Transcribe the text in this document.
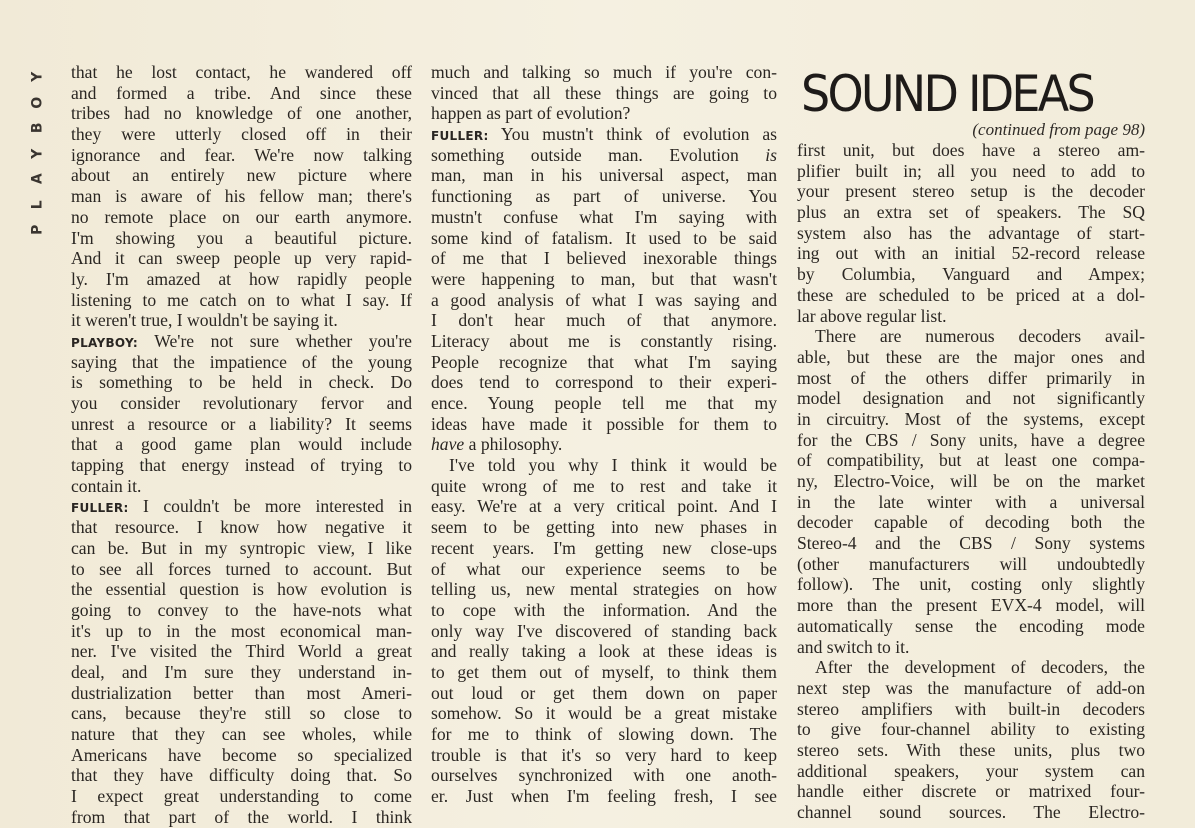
Y
O
B
Y
A
L
P
that he lost contact, he wandered off
and formed a tribe. And since these
tribes had no knowledge of one another,
they were utterly closed off in their
ignorance and fear. We're now talking
about an entirely new picture where
man is aware of his fellow man; there's
no remote place on our earth anymore.
I'm showing you a beautiful picture.
And it can sweep people up very rapid-
ly. I'm amazed at how rapidly people
listening to me catch on to what I say. If
it weren't true, I wouldn't be saying it.
PLAYBOY: We're not sure whether you're
saying that the impatience of the young
is something to be held in check. Do
you consider revolutionary fervor and
unrest a resource or a liability? It seems
that a good game plan would include
tapping that energy instead of trying to
contain it.
FULLER: I couldn't be more interested in
that resource. I know how negative it
can be. But in my syntropic view, I like
to see all forces turned to account. But
the essential question is how evolution is
going to convey to the have-nots what
it's up to in the most economical man-
ner. I've visited the Third World a great
deal, and I'm sure they understand in-
dustrialization better than most Ameri-
cans, because they're still so close to
nature that they can see wholes, while
Americans have become so specialized
that they have difficulty doing that. So
I expect great understanding to come
from that part of the world. I think
much and talking so much if you're con-
vinced that all these things are going to
happen as part of evolution?
FULLER: You mustn't think of evolution as
something outside man. Evolution is
man, man in his universal aspect, man
functioning as part of universe. You
mustn't confuse what I'm saying with
some kind of fatalism. It used to be said
of me that I believed inexorable things
were happening to man, but that wasn't
a good analysis of what I was saying and
I don't hear much of that anymore.
Literacy about me is constantly rising.
People recognize that what I'm saying
does tend to correspond to their experi-
ence. Young people tell me that my
ideas have made it possible for them to
have a philosophy.
I've told you why I think it would be
quite wrong of me to rest and take it
easy. We're at a very critical point. And I
seem to be getting into new phases in
recent years. I'm getting new close-ups
of what our experience seems to be
telling us, new mental strategies on how
to cope with the information. And the
only way I've discovered of standing back
and really taking a look at these ideas is
to get them out of myself, to think them
out loud or get them down on paper
somehow. So it would be a great mistake
for me to think of slowing down. The
trouble is that it's so very hard to keep
ourselves synchronized with one anoth-
er. Just when I'm feeling fresh, I see
SOUND IDEAS
(continued from page 98)
first unit, but does have a stereo am-
plifier built in; all you need to add to
your present stereo setup is the decoder
plus an extra set of speakers. The SQ
system also has the advantage of start-
ing out with an initial 52-record release
by Columbia, Vanguard and Ampex;
these are scheduled to be priced at a dol-
lar above regular list.
There are numerous decoders avail-
able, but these are the major ones and
most of the others differ primarily in
model designation and not significantly
in circuitry. Most of the systems, except
for the CBS / Sony units, have a degree
of compatibility, but at least one compa-
ny, Electro-Voice, will be on the market
in the late winter with a universal
decoder capable of decoding both the
Stereo-4 and the CBS / Sony systems
(other manufacturers will undoubtedly
follow). The unit, costing only slightly
more than the present EVX-4 model, will
automatically sense the encoding mode
and switch to it.
After the development of decoders, the
next step was the manufacture of add-on
stereo amplifiers with built-in decoders
to give four-channel ability to existing
stereo sets. With these units, plus two
additional speakers, your system can
handle either discrete or matrixed four-
channel sound sources. The Electro-
